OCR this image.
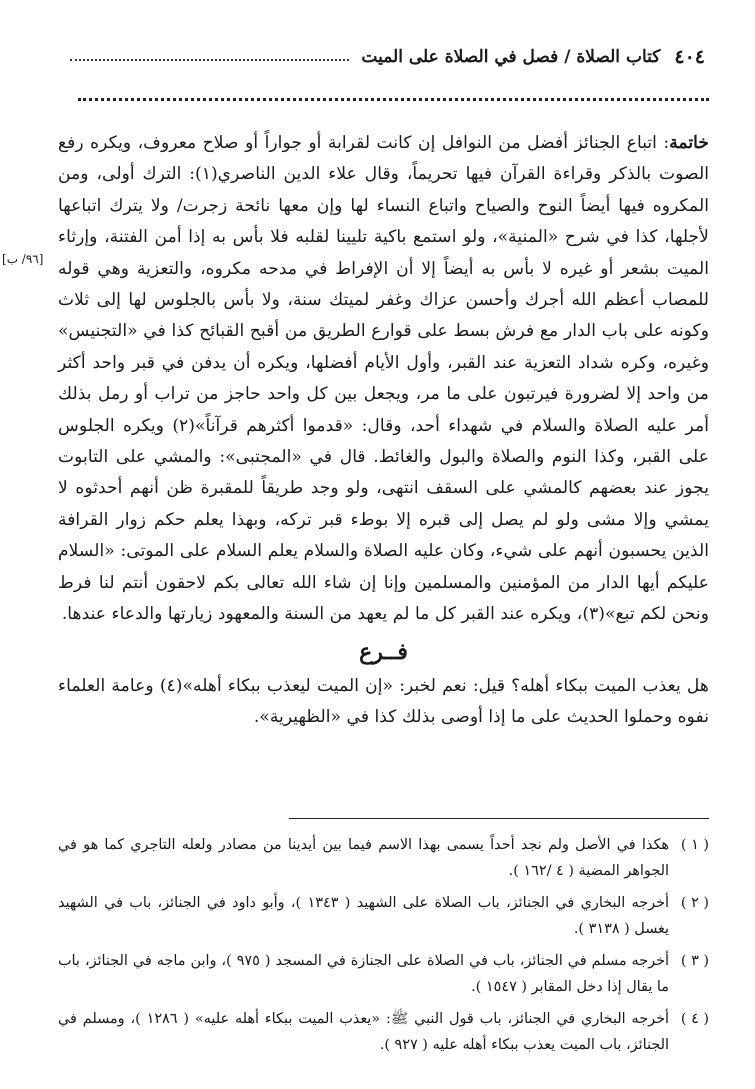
٤٠٤
كتاب الصلاة / فصل في الصلاة على الميت
[٩٦/ ب]

خاتمة: اتباع الجنائز أفضل من النوافل إن كانت لقرابة أو جواراً أو صلاح معروف، ويكره رفع الصوت بالذكر وقراءة القرآن فيها تحريماً، وقال علاء الدين الناصري(١): الترك أولى، ومن المكروه فيها أيضاً النوح والصياح واتباع النساء لها وإن معها نائحة زجرت/ ولا يترك اتباعها لأجلها، كذا في شرح «المنية»، ولو استمع باكية تليينا لقلبه فلا بأس به إذا أمن الفتنة، وإرثاء الميت بشعر أو غيره لا بأس به أيضاً إلا أن الإفراط في مدحه مكروه، والتعزية وهي قوله للمصاب أعظم الله أجرك وأحسن عزاك وغفر لميتك سنة، ولا بأس بالجلوس لها إلى ثلاث وكونه على باب الدار مع فرش بسط على قوارع الطريق من أقبح القبائح كذا في «التجنيس» وغيره، وكره شداد التعزية عند القبر، وأول الأيام أفضلها، ويكره أن يدفن في قبر واحد أكثر من واحد إلا لضرورة فيرتبون على ما مر، ويجعل بين كل واحد حاجز من تراب أو رمل بذلك أمر عليه الصلاة والسلام في شهداء أحد، وقال: «قدموا أكثرهم قرآناً»(٢) ويكره الجلوس على القبر، وكذا النوم والصلاة والبول والغائط. قال في «المجتبى»: والمشي على التابوت يجوز عند بعضهم كالمشي على السقف انتهى، ولو وجد طريقاً للمقبرة ظن أنهم أحدثوه لا يمشي وإلا مشى ولو لم يصل إلى قبره إلا بوطء قبر تركه، وبهذا يعلم حكم زوار القرافة الذين يحسبون أنهم على شيء، وكان عليه الصلاة والسلام يعلم السلام على الموتى: «السلام عليكم أيها الدار من المؤمنين والمسلمين وإنا إن شاء الله تعالى بكم لاحقون أنتم لنا فرط ونحن لكم تبع»(٣)، ويكره عند القبر كل ما لم يعهد من السنة والمعهود زيارتها والدعاء عندها.

فــرع

هل يعذب الميت ببكاء أهله؟ قيل: نعم لخبر: «إن الميت ليعذب ببكاء أهله»(٤) وعامة العلماء نفوه وحملوا الحديث على ما إذا أوصى بذلك كذا في «الظهيرية».

( ١ )
هكذا في الأصل ولم نجد أحداً يسمى بهذا الاسم فيما بين أيدينا من مصادر ولعله التاجري كما هو في الجواهر المضية ( ٤ /١٦٢ ).
( ٢ )
أخرجه البخاري في الجنائز، باب الصلاة على الشهيد ( ١٣٤٣ )، وأبو داود في الجنائز، باب في الشهيد يغسل ( ٣١٣٨ ).
( ٣ )
أخرجه مسلم في الجنائز، باب في الصلاة على الجنازة في المسجد ( ٩٧٥ )، وابن ماجه في الجنائز، باب ما يقال إذا دخل المقابر ( ١٥٤٧ ).
( ٤ )
أخرجه البخاري في الجنائز، باب قول النبي ﷺ: «يعذب الميت ببكاء أهله عليه» ( ١٢٨٦ )، ومسلم في الجنائز، باب الميت يعذب ببكاء أهله عليه ( ٩٢٧ ).
